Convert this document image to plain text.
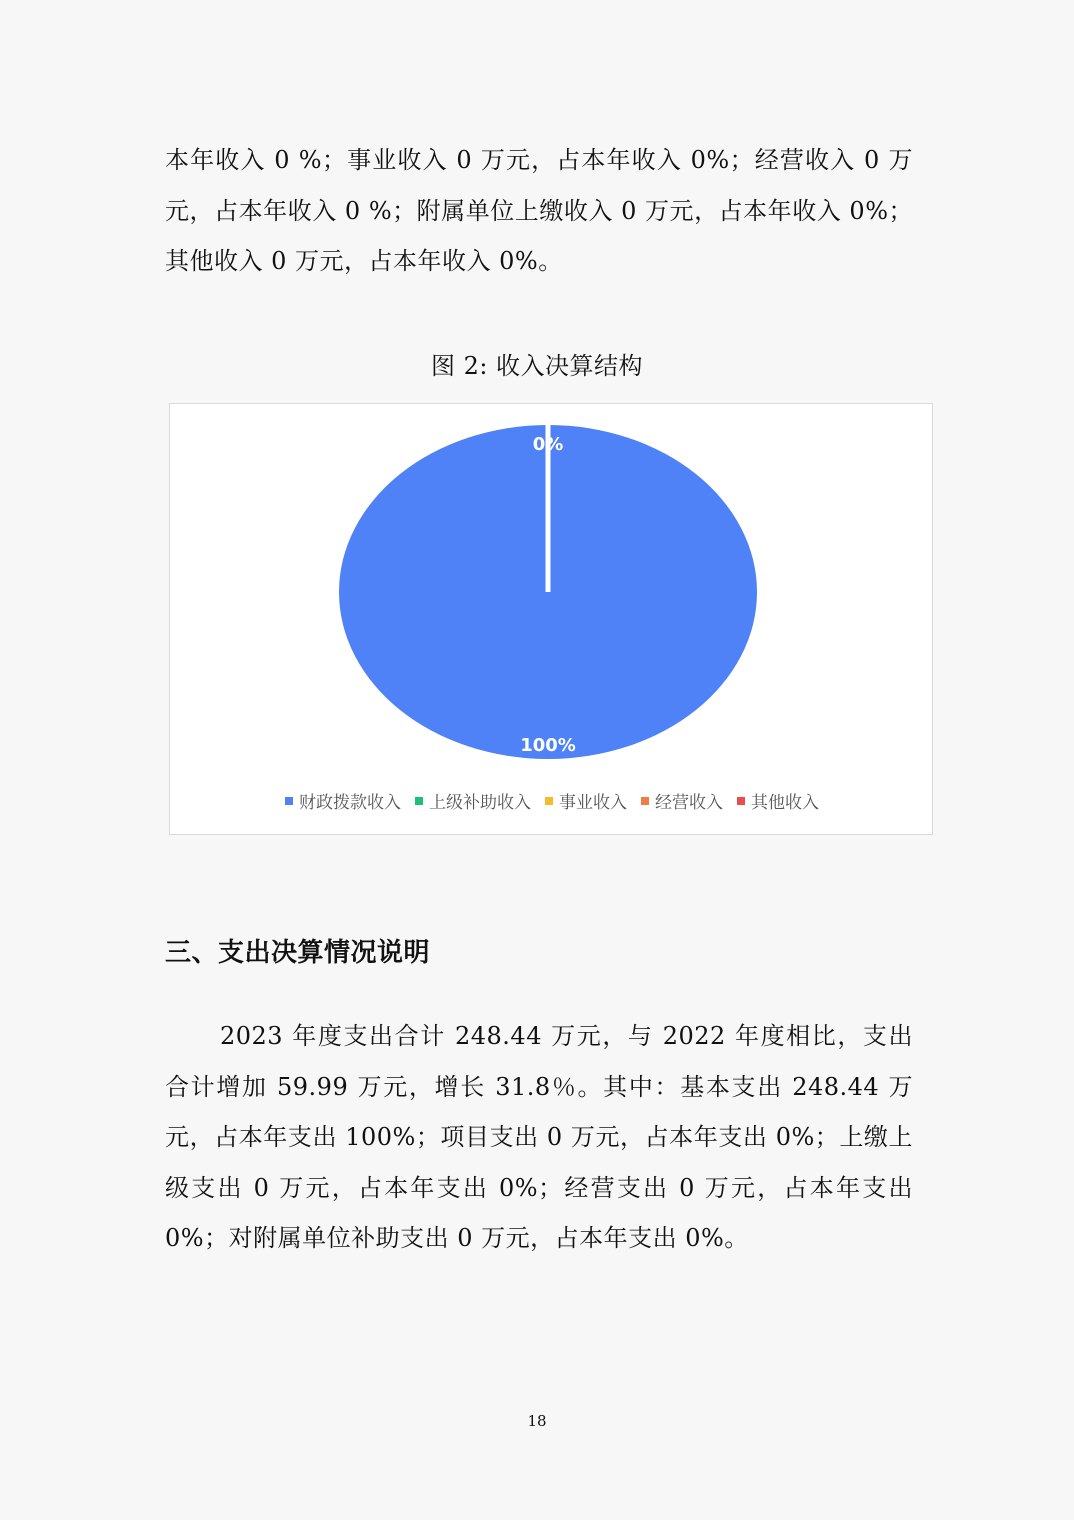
本年收入 0 %；事业收入 0 万元，占本年收入 0%；经营收入 0 万元，占本年收入 0 %；附属单位上缴收入 0 万元，占本年收入 0%；其他收入 0 万元，占本年收入 0%。

图 2: 收入决算结构

0%
100%
财政拨款收入 上级补助收入 事业收入 经营收入 其他收入
三、支出决算情况说明

2023 年度支出合计 248.44 万元，与 2022 年度相比，支出合计增加 59.99 万元，增长 31.8％。其中：基本支出 248.44 万元，占本年支出 100%；项目支出 0 万元，占本年支出 0%；上缴上级支出 0 万元，占本年支出 0%；经营支出 0 万元，占本年支出 0%；对附属单位补助支出 0 万元，占本年支出 0%。

18
